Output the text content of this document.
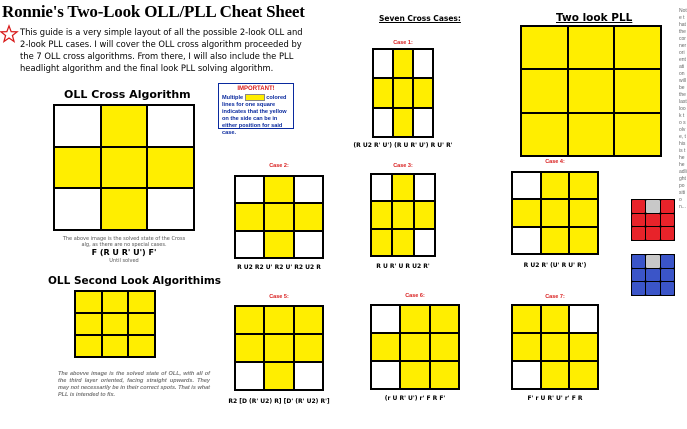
Ronnie's Two-Look OLL/PLL Cheat Sheet
This guide is a very simple layout of all the possible 2-look OLL and 2-look PLL cases. I will cover the OLL cross algorithm proceeded by the 7 OLL cross algorithms. From there, I will also include the PLL headlight algorithm and the final look PLL solving algorithm.
OLL Cross Algorithm
The above image is the solved state of the Cross alg, as there are no special cases.
F (R U R' U') F'
Until solved
IMPORTANT!
Multiple	colored lines for one square indicates that the yellow on the side can be in either position for said case.
OLL Second Look Algorithims
The abovve image is the solved state of OLL, with all of the third layer oriented, facing straight upwards. They may not necessarily be in their correct spots. That is what PLL is intended to fix.
Seven Cross Cases:
Case 1:
(R U2 R' U') (R U R' U') R U' R'
Case 2:
R U2 R2 U' R2 U' R2 U2 R
Case 3:
R U R' U R U2 R'
Case 4:
R U2 R' (U' R U' R')
Case 5:
R2 [D (R' U2) R] [D' (R' U2) R']
Case 6:
(r U R' U') r' F R F'
Case 7:
F' r U R' U' r' F R
Two look PLL
Note that the corner orientation will be the last look to solve, this is the headlight position...
